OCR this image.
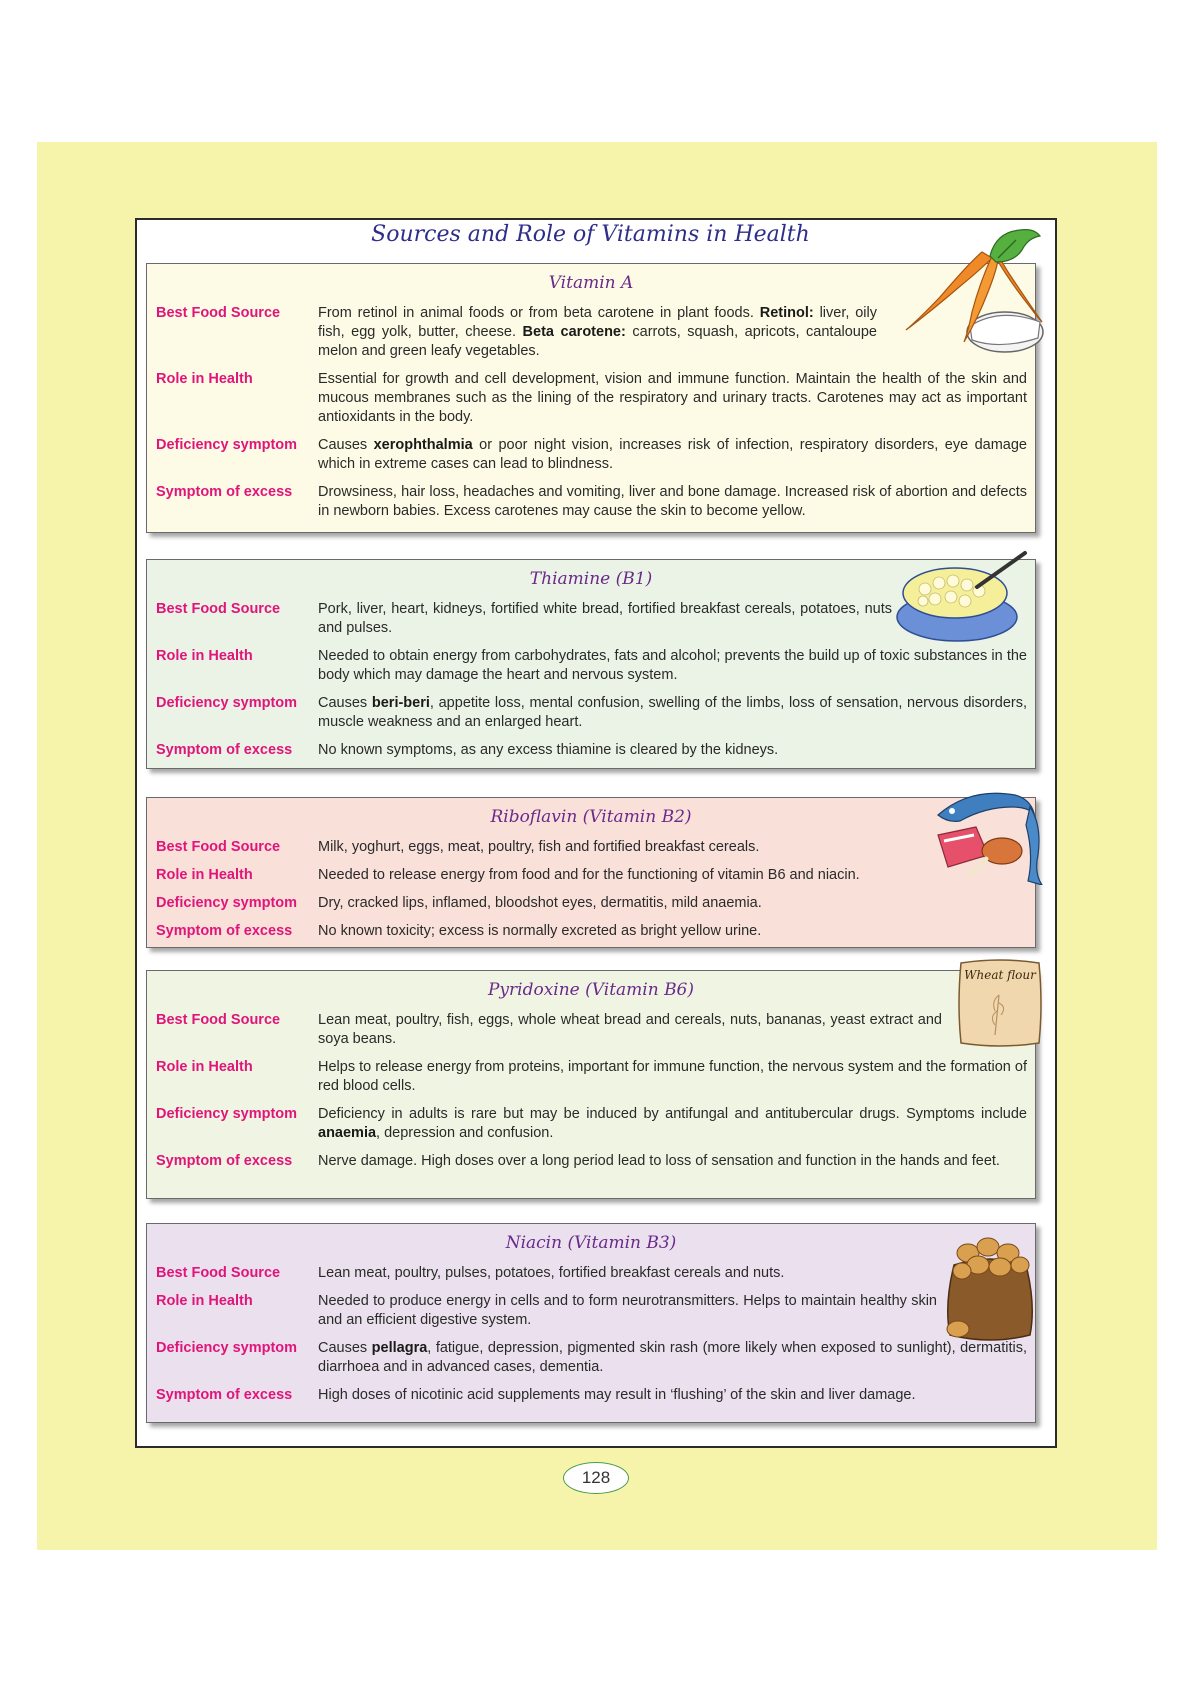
Sources and Role of Vitamins in Health
Vitamin A
Best Food Source	From retinol in animal foods or from beta carotene in plant foods. Retinol: liver, oily fish, egg yolk, butter, cheese. Beta carotene: carrots, squash, apricots, cantaloupe melon and green leafy vegetables.
Role in Health	Essential for growth and cell development, vision and immune function. Maintain the health of the skin and mucous membranes such as the lining of the respiratory and urinary tracts. Carotenes may act as important antioxidants in the body.
Deficiency symptom	Causes xerophthalmia or poor night vision, increases risk of infection, respiratory disorders, eye damage which in extreme cases can lead to blindness.
Symptom of excess	Drowsiness, hair loss, headaches and vomiting, liver and bone damage. Increased risk of abortion and defects in newborn babies. Excess carotenes may cause the skin to become yellow.
Thiamine (B1)
Best Food Source	Pork, liver, heart, kidneys, fortified white bread, fortified breakfast cereals, potatoes, nuts and pulses.
Role in Health	Needed to obtain energy from carbohydrates, fats and alcohol; prevents the build up of toxic substances in the body which may damage the heart and nervous system.
Deficiency symptom	Causes beri-beri, appetite loss, mental confusion, swelling of the limbs, loss of sensation, nervous disorders, muscle weakness and an enlarged heart.
Symptom of excess	No known symptoms, as any excess thiamine is cleared by the kidneys.
Riboflavin (Vitamin B2)
Best Food Source	Milk, yoghurt, eggs, meat, poultry, fish and fortified breakfast cereals.
Role in Health	Needed to release energy from food and for the functioning of vitamin B6 and niacin.
Deficiency symptom	Dry, cracked lips, inflamed, bloodshot eyes, dermatitis, mild anaemia.
Symptom of excess	No known toxicity; excess is normally excreted as bright yellow urine.
Pyridoxine (Vitamin B6)
Best Food Source	Lean meat, poultry, fish, eggs, whole wheat bread and cereals, nuts, bananas, yeast extract and soya beans.
Role in Health	Helps to release energy from proteins, important for immune function, the nervous system and the formation of red blood cells.
Deficiency symptom	Deficiency in adults is rare but may be induced by antifungal and antitubercular drugs. Symptoms include anaemia, depression and confusion.
Symptom of excess	Nerve damage. High doses over a long period lead to loss of sensation and function in the hands and feet.
Niacin (Vitamin B3)
Best Food Source	Lean meat, poultry, pulses, potatoes, fortified breakfast cereals and nuts.
Role in Health	Needed to produce energy in cells and to form neurotransmitters. Helps to maintain healthy skin and an efficient digestive system.
Deficiency symptom	Causes pellagra, fatigue, depression, pigmented skin rash (more likely when exposed to sunlight), dermatitis, diarrhoea and in advanced cases, dementia.
Symptom of excess	High doses of nicotinic acid supplements may result in ‘flushing’ of the skin and liver damage.
Wheat flour
128
